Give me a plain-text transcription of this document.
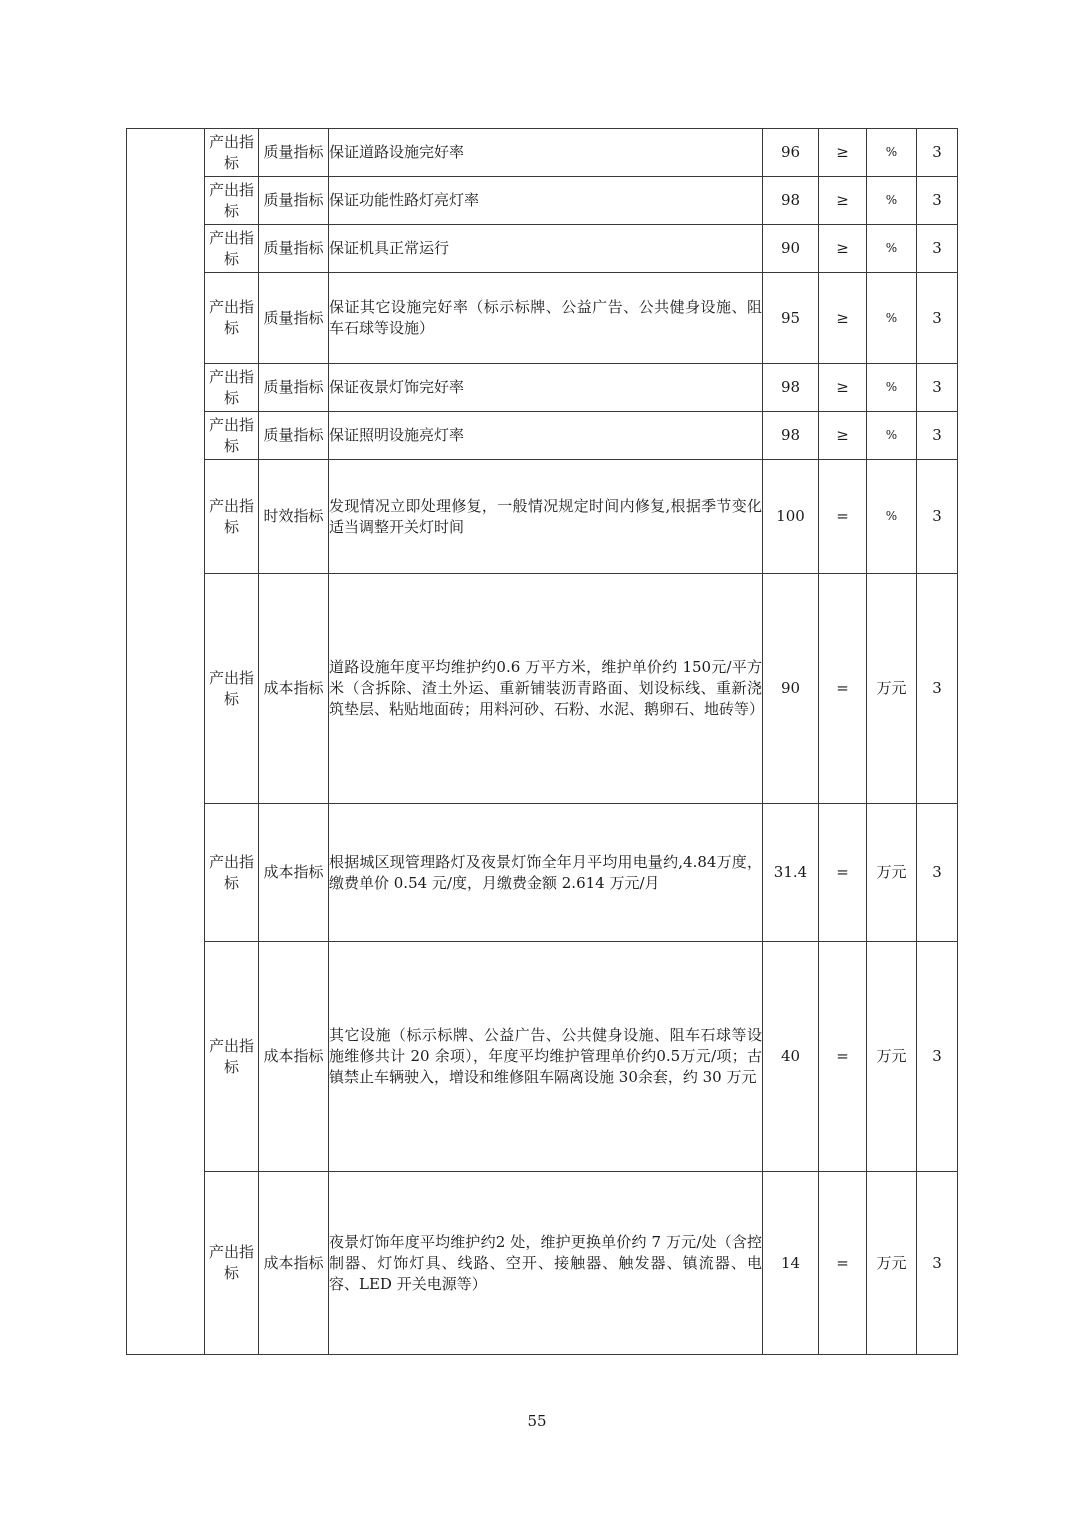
	产出指标	质量指标	保证道路设施完好率	96	≥	%	3
	产出指标	质量指标	保证功能性路灯亮灯率	98	≥	%	3
	产出指标	质量指标	保证机具正常运行	90	≥	%	3
	产出指标	质量指标	保证其它设施完好率（标示标牌、公益广告、公共健身设施、阻车石球等设施）	95	≥	%	3
	产出指标	质量指标	保证夜景灯饰完好率	98	≥	%	3
	产出指标	质量指标	保证照明设施亮灯率	98	≥	%	3
	产出指标	时效指标	发现情况立即处理修复，一般情况规定时间内修复,根据季节变化适当调整开关灯时间	100	=	%	3
	产出指标	成本指标	道路设施年度平均维护约0.6 万平方米，维护单价约 150元/平方米（含拆除、渣土外运、重新铺装沥青路面、划设标线、重新浇筑垫层、粘贴地面砖；用料河砂、石粉、水泥、鹅卵石、地砖等）	90	=	万元	3
	产出指标	成本指标	根据城区现管理路灯及夜景灯饰全年月平均用电量约,4.84万度，缴费单价 0.54 元/度，月缴费金额 2.614 万元/月	31.4	=	万元	3
	产出指标	成本指标	其它设施（标示标牌、公益广告、公共健身设施、阻车石球等设施维修共计 20 余项），年度平均维护管理单价约0.5万元/项；古镇禁止车辆驶入，增设和维修阻车隔离设施 30余套，约 30 万元	40	=	万元	3
	产出指标	成本指标	夜景灯饰年度平均维护约2 处，维护更换单价约 7 万元/处（含控制器、灯饰灯具、线路、空开、接触器、触发器、镇流器、电容、LED 开关电源等）	14	=	万元	3
55
